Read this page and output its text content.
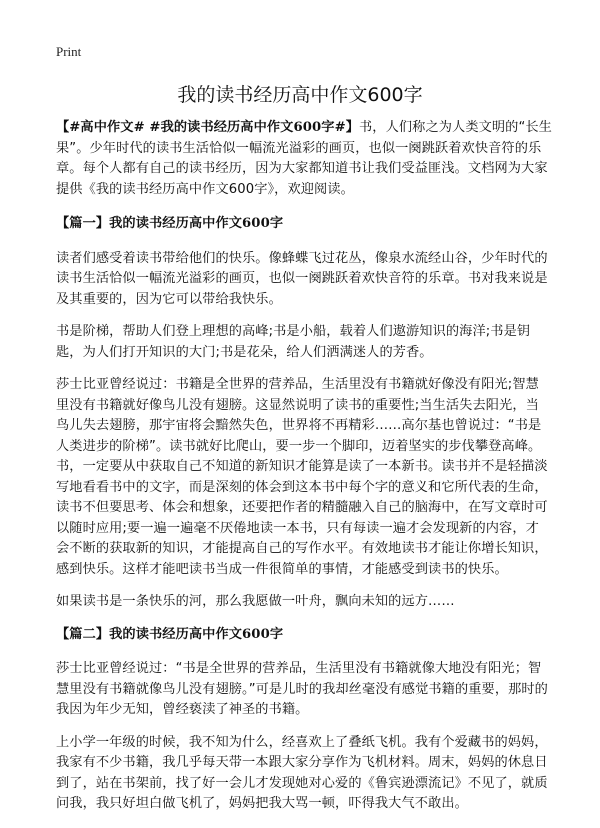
Print
我的读书经历高中作文600字

【#高中作文# #我的读书经历高中作文600字#】书，人们称之为人类文明的“长生果”。少年时代的读书生活恰似一幅流光溢彩的画页，也似一阕跳跃着欢快音符的乐章。每个人都有自己的读书经历，因为大家都知道书让我们受益匪浅。文档网为大家提供《我的读书经历高中作文600字》，欢迎阅读。

【篇一】我的读书经历高中作文600字

读者们感受着读书带给他们的快乐。像蜂蝶飞过花丛，像泉水流经山谷，少年时代的读书生活恰似一幅流光溢彩的画页，也似一阕跳跃着欢快音符的乐章。书对我来说是及其重要的，因为它可以带给我快乐。

书是阶梯，帮助人们登上理想的高峰;书是小船，载着人们遨游知识的海洋;书是钥匙，为人们打开知识的大门;书是花朵，给人们洒满迷人的芳香。

莎士比亚曾经说过：书籍是全世界的营养品，生活里没有书籍就好像没有阳光;智慧里没有书籍就好像鸟儿没有翅膀。这显然说明了读书的重要性;当生活失去阳光，当鸟儿失去翅膀，那宇宙将会黯然失色，世界将不再精彩……高尔基也曾说过：“书是人类进步的阶梯”。读书就好比爬山，要一步一个脚印，迈着坚实的步伐攀登高峰。书，一定要从中获取自己不知道的新知识才能算是读了一本新书。读书并不是轻描淡写地看看书中的文字，而是深刻的体会到这本书中每个字的意义和它所代表的生命，读书不但要思考、体会和想象，还要把作者的精髓融入自己的脑海中，在写文章时可以随时应用;要一遍一遍毫不厌倦地读一本书，只有每读一遍才会发现新的内容，才会不断的获取新的知识，才能提高自己的写作水平。有效地读书才能让你增长知识，感到快乐。这样才能吧读书当成一件很简单的事情，才能感受到读书的快乐。

如果读书是一条快乐的河，那么我愿做一叶舟，飘向未知的远方……

【篇二】我的读书经历高中作文600字

莎士比亚曾经说过：“书是全世界的营养品，生活里没有书籍就像大地没有阳光；智慧里没有书籍就像鸟儿没有翅膀。”可是儿时的我却丝毫没有感觉书籍的重要，那时的我因为年少无知，曾经亵渎了神圣的书籍。

上小学一年级的时候，我不知为什么，经喜欢上了叠纸飞机。我有个爱藏书的妈妈，我家有不少书籍，我几乎每天带一本跟大家分享作为飞机材料。周末，妈妈的休息日到了，站在书架前，找了好一会儿才发现她对心爱的《鲁宾逊漂流记》不见了，就质问我，我只好坦白做飞机了，妈妈把我大骂一顿，吓得我大气不敢出。
